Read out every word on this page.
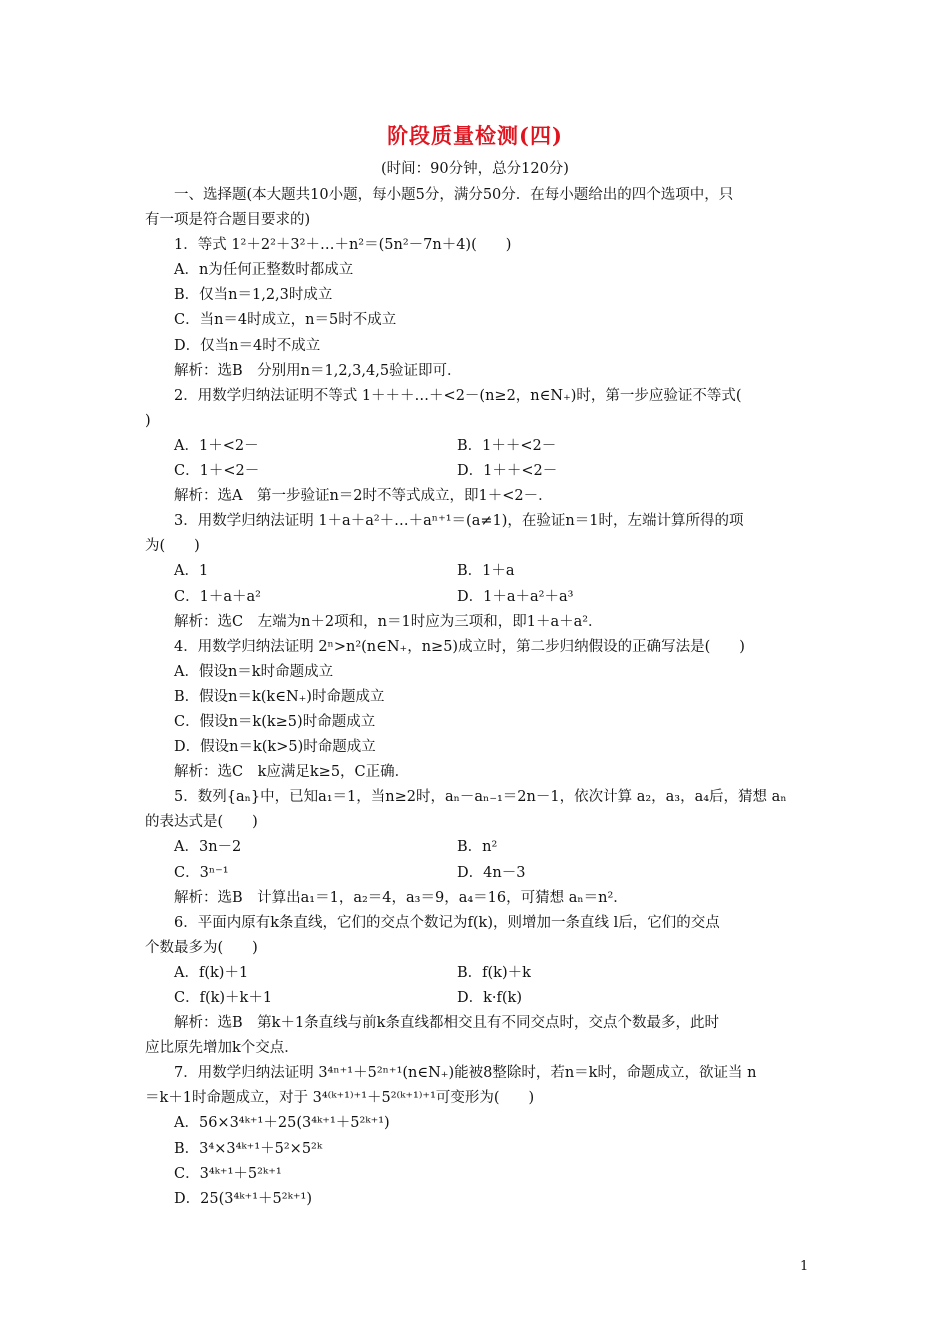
阶段质量检测(四)
(时间：90分钟，总分120分)

一、选择题(本大题共10小题，每小题5分，满分50分．在每小题给出的四个选项中，只

有一项是符合题目要求的)

1．等式 1²＋2²＋3²＋…＋n²＝(5n²－7n＋4)(　　)

A．n为任何正整数时都成立

B．仅当n＝1,2,3时成立

C．当n＝4时成立，n＝5时不成立

D．仅当n＝4时不成立

解析：选B　分别用n＝1,2,3,4,5验证即可．

2．用数学归纳法证明不等式 1＋＋＋…＋<2－(n≥2，n∈N₊)时，第一步应验证不等式(

)

A．1＋<2－	B．1＋＋<2－
C．1＋<2－	D．1＋＋<2－

解析：选A　第一步验证n＝2时不等式成立，即1＋<2－．

3．用数学归纳法证明 1＋a＋a²＋…＋aⁿ⁺¹＝(a≠1)，在验证n＝1时，左端计算所得的项

为(　　)

A．1	B．1＋a
C．1＋a＋a²	D．1＋a＋a²＋a³

解析：选C　左端为n＋2项和，n＝1时应为三项和，即1＋a＋a²．

4．用数学归纳法证明 2ⁿ>n²(n∈N₊，n≥5)成立时，第二步归纳假设的正确写法是(　　)

A．假设n＝k时命题成立

B．假设n＝k(k∈N₊)时命题成立

C．假设n＝k(k≥5)时命题成立

D．假设n＝k(k>5)时命题成立

解析：选C　k应满足k≥5，C正确．

5．数列{aₙ}中，已知a₁＝1，当n≥2时，aₙ－aₙ₋₁＝2n－1，依次计算 a₂，a₃，a₄后，猜想 aₙ

的表达式是(　　)

A．3n－2	B．n²
C．3ⁿ⁻¹	D．4n－3

解析：选B　计算出a₁＝1，a₂＝4，a₃＝9，a₄＝16，可猜想 aₙ＝n²．

6．平面内原有k条直线，它们的交点个数记为f(k)，则增加一条直线 l后，它们的交点

个数最多为(　　)

A．f(k)＋1	B．f(k)＋k
C．f(k)＋k＋1	D．k·f(k)

解析：选B　第k＋1条直线与前k条直线都相交且有不同交点时，交点个数最多，此时

应比原先增加k个交点．

7．用数学归纳法证明 3⁴ⁿ⁺¹＋5²ⁿ⁺¹(n∈N₊)能被8整除时，若n＝k时，命题成立，欲证当 n

＝k＋1时命题成立，对于 3⁴⁽ᵏ⁺¹⁾⁺¹＋5²⁽ᵏ⁺¹⁾⁺¹可变形为(　　)

A．56×3⁴ᵏ⁺¹＋25(3⁴ᵏ⁺¹＋5²ᵏ⁺¹)

B．3⁴×3⁴ᵏ⁺¹＋5²×5²ᵏ

C．3⁴ᵏ⁺¹＋5²ᵏ⁺¹

D．25(3⁴ᵏ⁺¹＋5²ᵏ⁺¹)

1
